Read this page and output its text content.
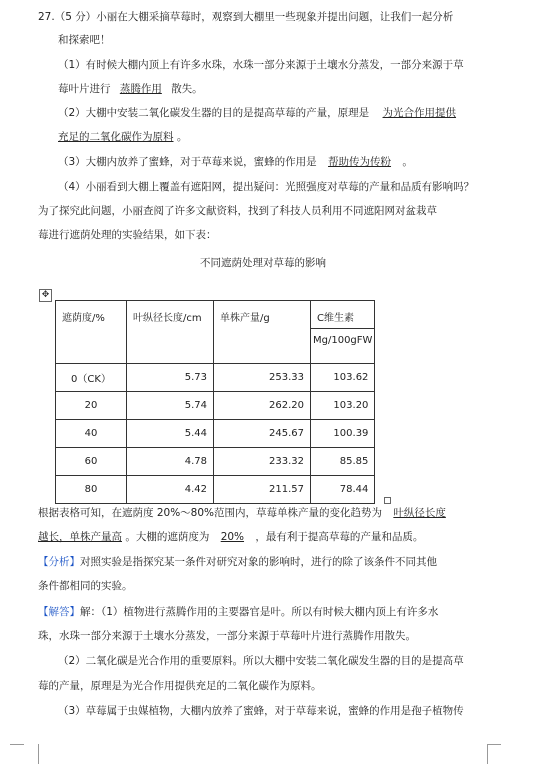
27.（5 分）小丽在大棚采摘草莓时，观察到大棚里一些现象并提出问题，让我们一起分析
和探索吧！
（1）有时候大棚内顶上有许多水珠，水珠一部分来源于土壤水分蒸发，一部分来源于草
莓叶片进行 蒸腾作用 散失。
（2）大棚中安装二氧化碳发生器的目的是提高草莓的产量，原理是 为光合作用提供
充足的二氧化碳作为原料 。
（3）大棚内放养了蜜蜂，对于草莓来说，蜜蜂的作用是 帮助传为传粉 。
（4）小丽看到大棚上覆盖有遮阳网，提出疑问：光照强度对草莓的产量和品质有影响吗？
为了探究此问题，小丽查阅了许多文献资料，找到了科技人员利用不同遮阳网对盆栽草
莓进行遮荫处理的实验结果，如下表：
不同遮荫处理对草莓的影响
✥
遮荫度/%	叶纵径长度/cm	单株产量/g	C维生素
Mg/100gFW

0（CK）	5.73	253.33	103.62
20	5.74	262.20	103.20
40	5.44	245.67	100.39
60	4.78	233.32	85.85
80	4.42	211.57	78.44
根据表格可知，在遮荫度 20%～80%范围内，草莓单株产量的变化趋势为 叶纵径长度
越长，单株产量高 。大棚的遮荫度为 20% ，最有利于提高草莓的产量和品质。
【分析】对照实验是指探究某一条件对研究对象的影响时，进行的除了该条件不同其他
条件都相同的实验。
【解答】解：（1）植物进行蒸腾作用的主要器官是叶。所以有时候大棚内顶上有许多水
珠，水珠一部分来源于土壤水分蒸发，一部分来源于草莓叶片进行蒸腾作用散失。
（2）二氧化碳是光合作用的重要原料。所以大棚中安装二氧化碳发生器的目的是提高草
莓的产量，原理是为光合作用提供充足的二氧化碳作为原料。
（3）草莓属于虫媒植物，大棚内放养了蜜蜂，对于草莓来说，蜜蜂的作用是孢子植物传
